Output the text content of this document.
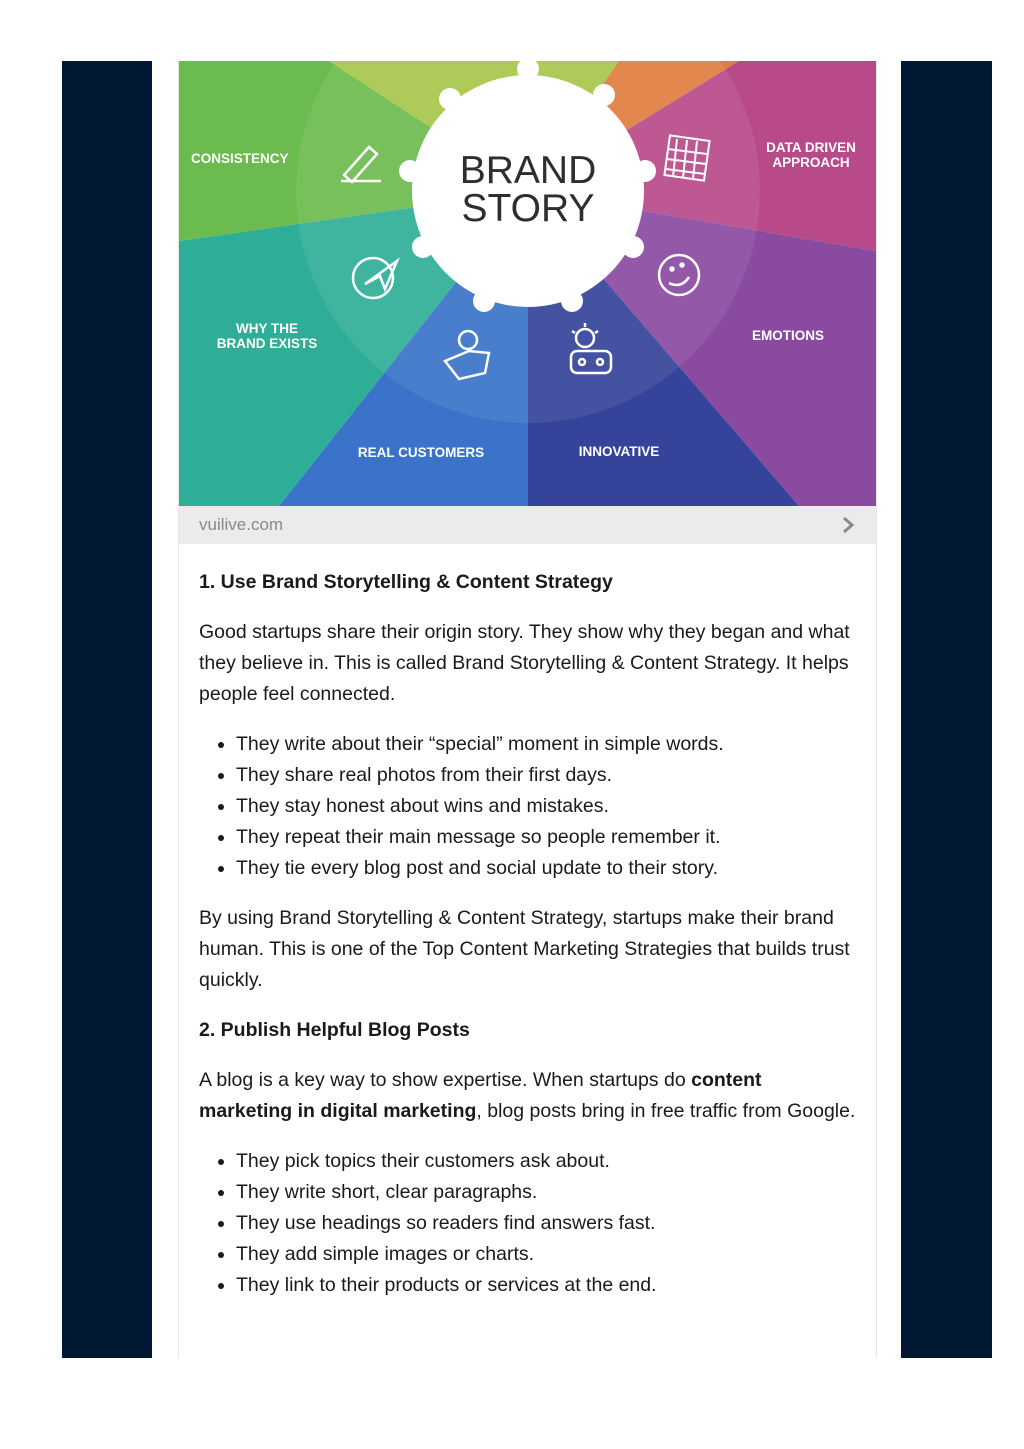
BRAND
STORY
CONSISTENCY
DATA DRIVEN
APPROACH
WHY THE
BRAND EXISTS
EMOTIONS
REAL CUSTOMERS	INNOVATIVE
vuilive.com
1. Use Brand Storytelling & Content Strategy

Good startups share their origin story. They show why they began and what they believe in. This is called Brand Storytelling & Content Strategy. It helps people feel connected.

• They write about their “special” moment in simple words.
• They share real photos from their first days.
• They stay honest about wins and mistakes.
• They repeat their main message so people remember it.
• They tie every blog post and social update to their story.

By using Brand Storytelling & Content Strategy, startups make their brand human. This is one of the Top Content Marketing Strategies that builds trust quickly.

2. Publish Helpful Blog Posts

A blog is a key way to show expertise. When startups do content marketing in digital marketing, blog posts bring in free traffic from Google.

• They pick topics their customers ask about.
• They write short, clear paragraphs.
• They use headings so readers find answers fast.
• They add simple images or charts.
• They link to their products or services at the end.
